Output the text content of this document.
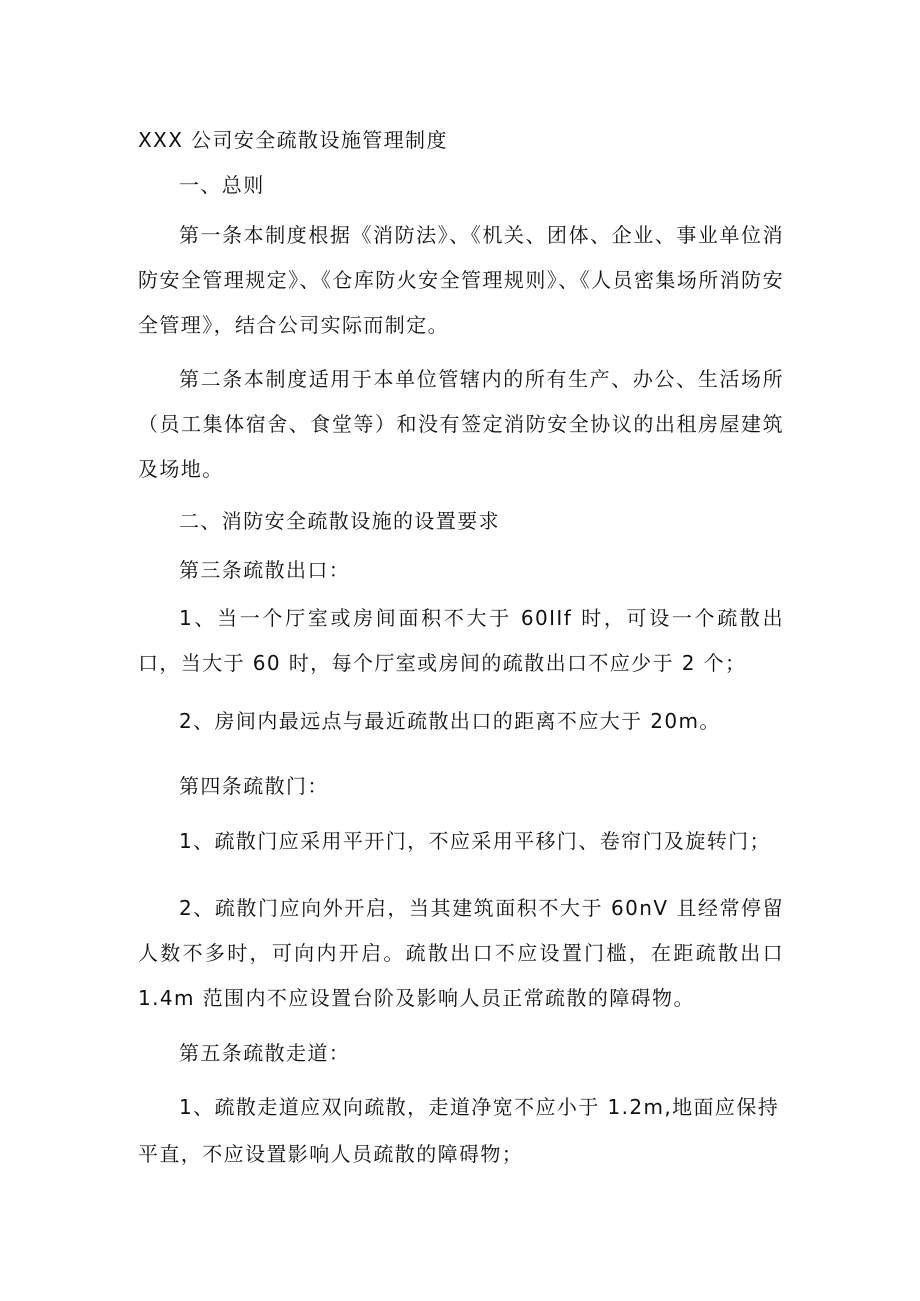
XXX 公司安全疏散设施管理制度

一、总则

第一条本制度根据《消防法》、《机关、团体、企业、事业单位消防安全管理规定》、《仓库防火安全管理规则》、《人员密集场所消防安全管理》，结合公司实际而制定。

第二条本制度适用于本单位管辖内的所有生产、办公、生活场所（员工集体宿舍、食堂等）和没有签定消防安全协议的出租房屋建筑及场地。

二、消防安全疏散设施的设置要求

第三条疏散出口：

1、当一个厅室或房间面积不大于 60IIf 时，可设一个疏散出口，当大于 60 时，每个厅室或房间的疏散出口不应少于 2 个；

2、房间内最远点与最近疏散出口的距离不应大于 20m。

第四条疏散门：

1、疏散门应采用平开门，不应采用平移门、卷帘门及旋转门；

2、疏散门应向外开启，当其建筑面积不大于 60nV 且经常停留人数不多时，可向内开启。疏散出口不应设置门槛，在距疏散出口 1.4m 范围内不应设置台阶及影响人员正常疏散的障碍物。

第五条疏散走道：

1、疏散走道应双向疏散，走道净宽不应小于 1.2m,地面应保持

平直，不应设置影响人员疏散的障碍物；
